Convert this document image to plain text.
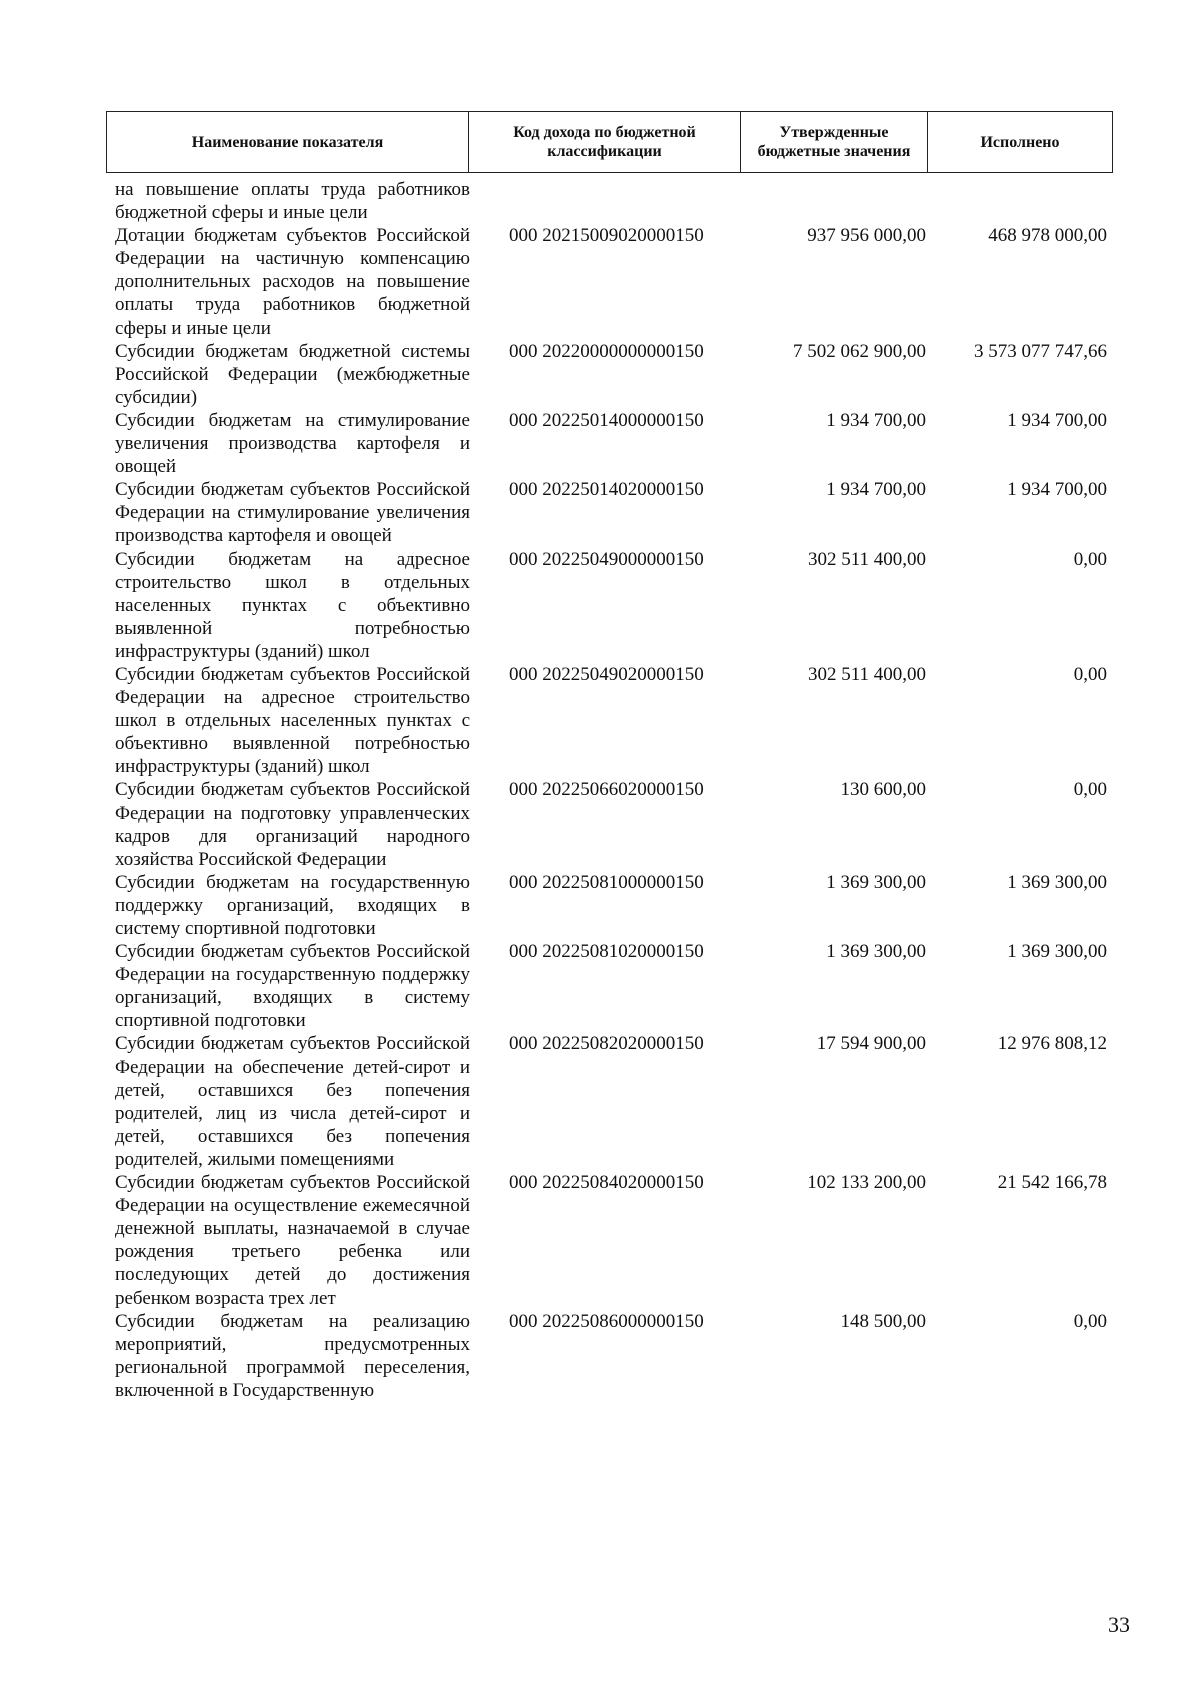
Наименование показателя	Код дохода по бюджетной классификации	Утвержденные бюджетные значения	Исполнено
на повышение оплаты труда работников бюджетной сферы и иные цели			
Дотации бюджетам субъектов Российской Федерации на частичную компенсацию дополнительных расходов на повышение оплаты труда работников бюджетной сферы и иные цели	000 20215009020000150	937 956 000,00	468 978 000,00
Субсидии бюджетам бюджетной системы Российской Федерации (межбюджетные субсидии)	000 20220000000000150	7 502 062 900,00	3 573 077 747,66
Субсидии бюджетам на стимулирование увеличения производства картофеля и овощей	000 20225014000000150	1 934 700,00	1 934 700,00
Субсидии бюджетам субъектов Российской Федерации на стимулирование увеличения производства картофеля и овощей	000 20225014020000150	1 934 700,00	1 934 700,00
Субсидии бюджетам на адресное строительство школ в отдельных населенных пунктах с объективно выявленной потребностью инфраструктуры (зданий) школ	000 20225049000000150	302 511 400,00	0,00
Субсидии бюджетам субъектов Российской Федерации на адресное строительство школ в отдельных населенных пунктах с объективно выявленной потребностью инфраструктуры (зданий) школ	000 20225049020000150	302 511 400,00	0,00
Субсидии бюджетам субъектов Российской Федерации на подготовку управленческих кадров для организаций народного хозяйства Российской Федерации	000 20225066020000150	130 600,00	0,00
Субсидии бюджетам на государственную поддержку организаций, входящих в систему спортивной подготовки	000 20225081000000150	1 369 300,00	1 369 300,00
Субсидии бюджетам субъектов Российской Федерации на государственную поддержку организаций, входящих в систему спортивной подготовки	000 20225081020000150	1 369 300,00	1 369 300,00
Субсидии бюджетам субъектов Российской Федерации на обеспечение детей-сирот и детей, оставшихся без попечения родителей, лиц из числа детей-сирот и детей, оставшихся без попечения родителей, жилыми помещениями	000 20225082020000150	17 594 900,00	12 976 808,12
Субсидии бюджетам субъектов Российской Федерации на осуществление ежемесячной денежной выплаты, назначаемой в случае рождения третьего ребенка или последующих детей до достижения ребенком возраста трех лет	000 20225084020000150	102 133 200,00	21 542 166,78
Субсидии бюджетам на реализацию мероприятий, предусмотренных региональной программой переселения, включенной в Государственную	000 20225086000000150	148 500,00	0,00
33
